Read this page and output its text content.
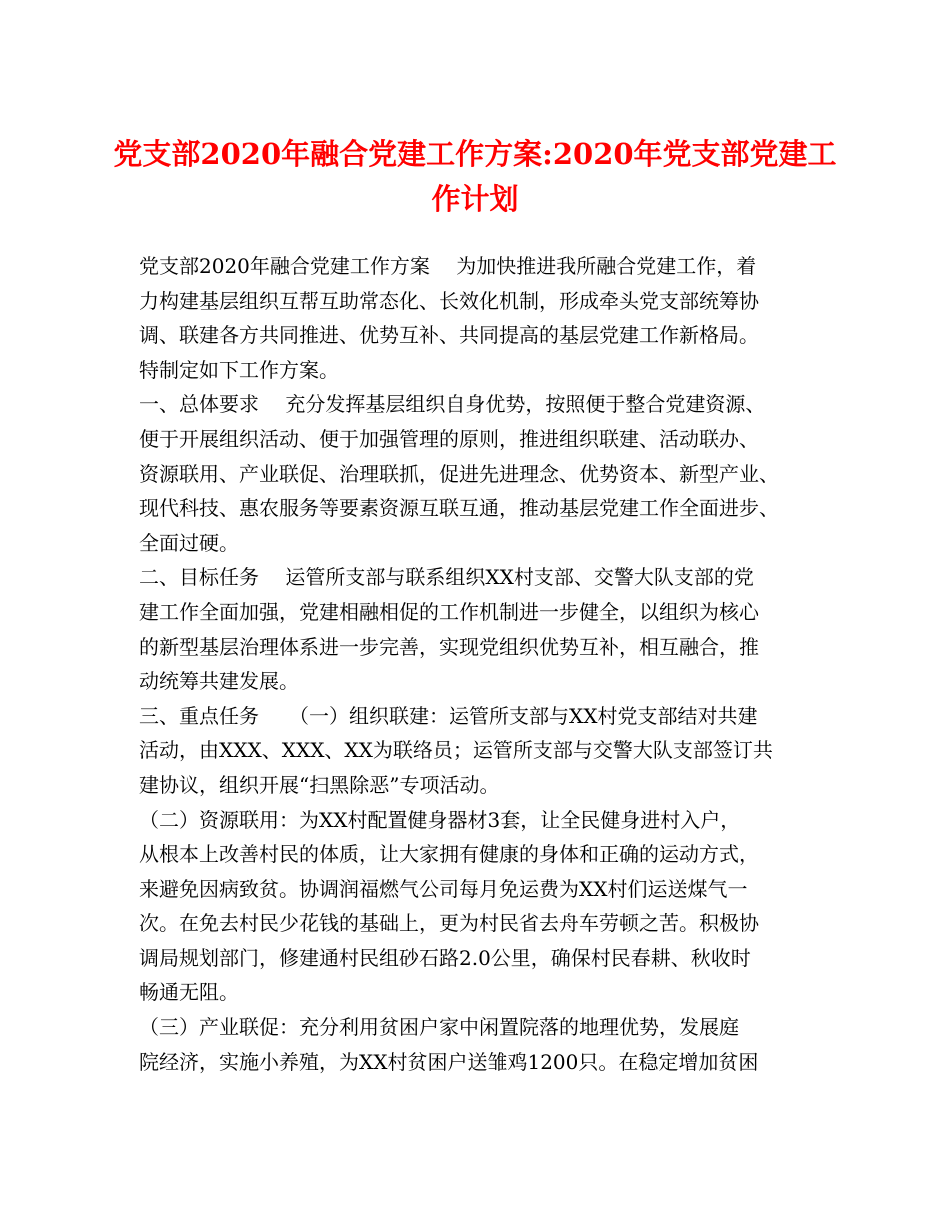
党支部2020年融合党建工作方案:2020年党支部党建工
作计划
党支部2020年融合党建工作方案　 为加快推进我所融合党建工作，着
力构建基层组织互帮互助常态化、长效化机制，形成牵头党支部统筹协
调、联建各方共同推进、优势互补、共同提高的基层党建工作新格局。
特制定如下工作方案。
一、总体要求　 充分发挥基层组织自身优势，按照便于整合党建资源、
便于开展组织活动、便于加强管理的原则，推进组织联建、活动联办、
资源联用、产业联促、治理联抓，促进先进理念、优势资本、新型产业、
现代科技、惠农服务等要素资源互联互通，推动基层党建工作全面进步、
全面过硬。
二、目标任务　 运管所支部与联系组织XX村支部、交警大队支部的党
建工作全面加强，党建相融相促的工作机制进一步健全，以组织为核心
的新型基层治理体系进一步完善，实现党组织优势互补，相互融合，推
动统筹共建发展。
三、重点任务　　（一）组织联建：运管所支部与XX村党支部结对共建
活动，由XXX、XXX、XX为联络员；运管所支部与交警大队支部签订共
建协议，组织开展“扫黑除恶”专项活动。
（二）资源联用：为XX村配置健身器材3套，让全民健身进村入户，
从根本上改善村民的体质，让大家拥有健康的身体和正确的运动方式，
来避免因病致贫。协调润福燃气公司每月免运费为XX村们运送煤气一
次。在免去村民少花钱的基础上，更为村民省去舟车劳顿之苦。积极协
调局规划部门，修建通村民组砂石路2.0公里，确保村民春耕、秋收时
畅通无阻。
（三）产业联促：充分利用贫困户家中闲置院落的地理优势，发展庭
院经济，实施小养殖，为XX村贫困户送雏鸡1200只。在稳定增加贫困
